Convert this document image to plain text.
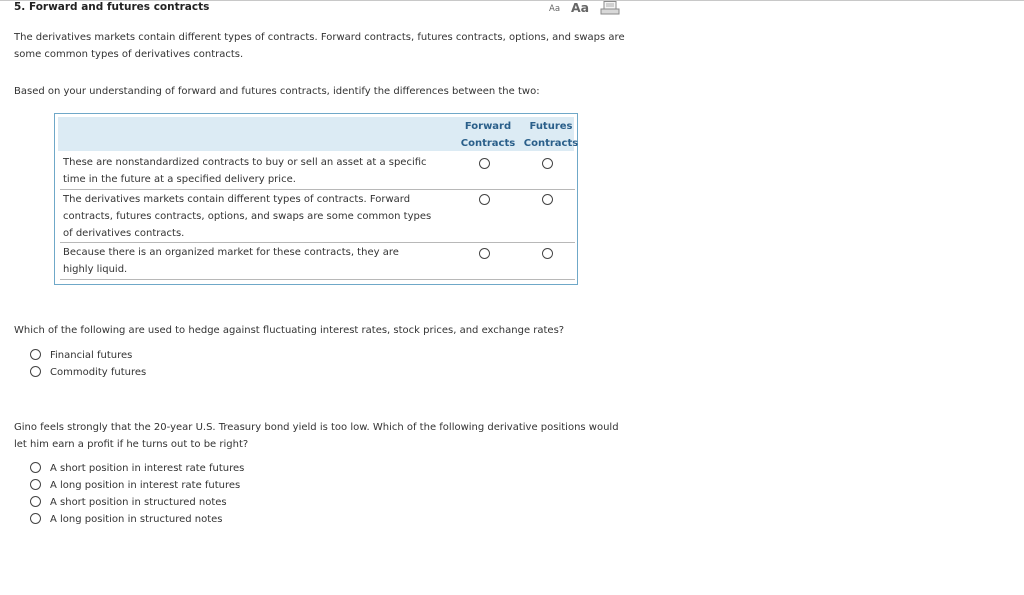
5. Forward and futures contracts	Aa Aa
The derivatives markets contain different types of contracts. Forward contracts, futures contracts, options, and swaps are some common types of derivatives contracts.
Based on your understanding of forward and futures contracts, identify the differences between the two:
Forward Contracts
Futures Contracts
These are nonstandardized contracts to buy or sell an asset at a specific time in the future at a specified delivery price.
The derivatives markets contain different types of contracts. Forward contracts, futures contracts, options, and swaps are some common types of derivatives contracts.
Because there is an organized market for these contracts, they are highly liquid.
Which of the following are used to hedge against fluctuating interest rates, stock prices, and exchange rates?
Financial futures
Commodity futures
Gino feels strongly that the 20-year U.S. Treasury bond yield is too low. Which of the following derivative positions would let him earn a profit if he turns out to be right?
A short position in interest rate futures
A long position in interest rate futures
A short position in structured notes
A long position in structured notes
